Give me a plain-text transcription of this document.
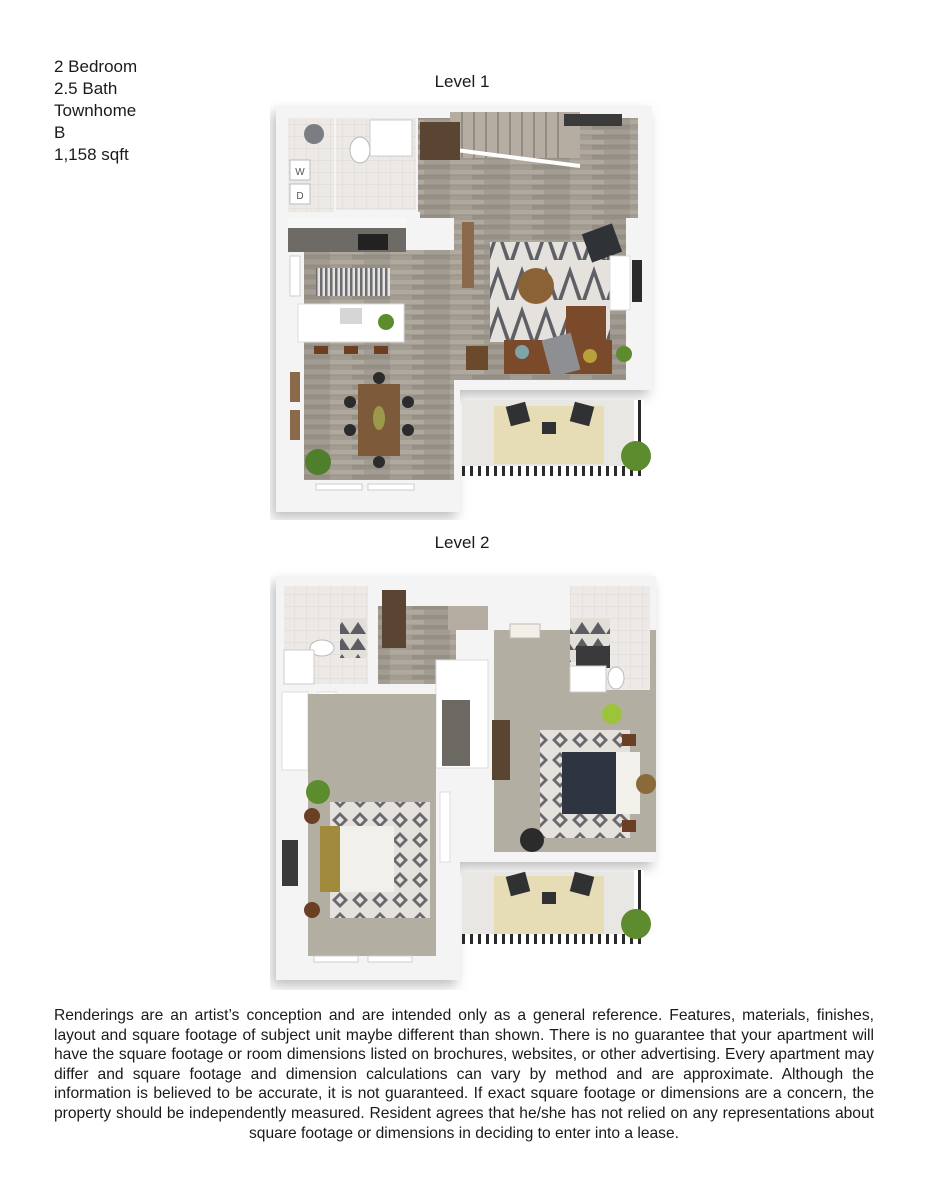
2 Bedroom
2.5 Bath
Townhome
B
1,158 sqft
Level 1
W
D
Level 2
Renderings are an artist’s conception and are intended only as a general reference. Features, materials, finishes, layout and square footage of subject unit maybe different than shown. There is no guarantee that your apartment will have the square footage or room dimensions listed on brochures, websites, or other advertising. Every apartment may differ and square footage and dimension calculations can vary by method and are approximate. Although the information is believed to be accurate, it is not guaranteed. If exact square footage or dimensions are a concern, the property should be independently measured. Resident agrees that he/she has not relied on any representations about square footage or dimensions in deciding to enter into a lease.
